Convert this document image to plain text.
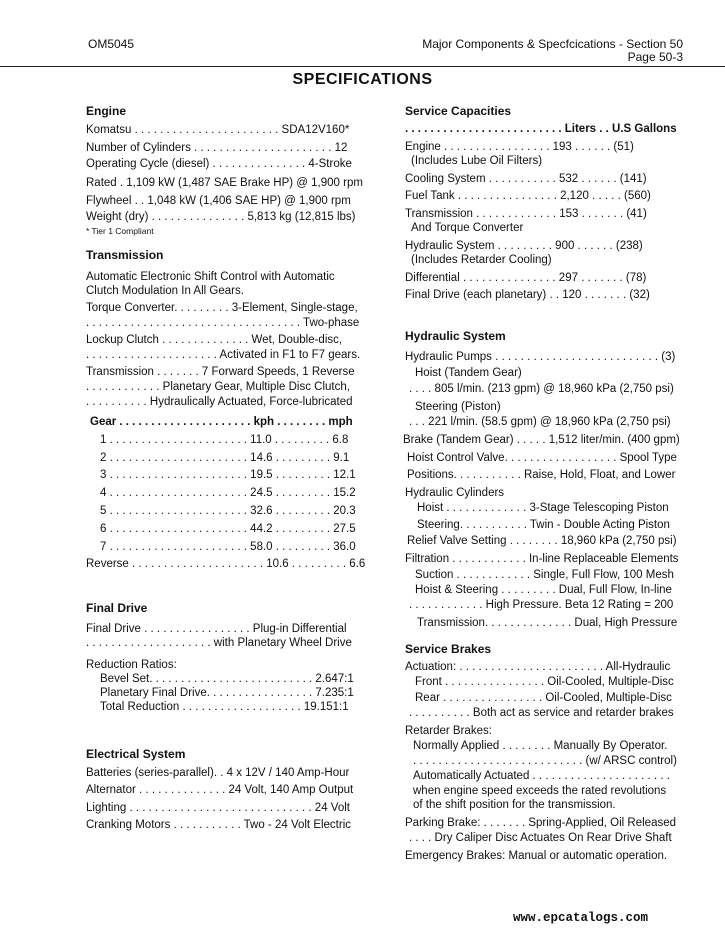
OM5045	Major Components & Specfcications - Section 50
Page 50-3
SPECIFICATIONS
Engine
Komatsu . . . . . . . . . . . . . . . . . . . . . . . SDA12V160*
Number of Cylinders . . . . . . . . . . . . . . . . . . . . . . 12
Operating Cycle (diesel) . . . . . . . . . . . . . . . 4-Stroke
Rated . 1,109 kW (1,487 SAE Brake HP) @ 1,900 rpm
Flywheel . . 1,048 kW (1,406 SAE HP) @ 1,900 rpm
Weight (dry) . . . . . . . . . . . . . . . 5,813 kg (12,815 lbs)
* Tier 1 Compliant
Transmission
Automatic Electronic Shift Control with Automatic
Clutch Modulation In All Gears.
Torque Converter. . . . . . . . . 3-Element, Single-stage,
. . . . . . . . . . . . . . . . . . . . . . . . . . . . . . . . . . Two-phase
Lockup Clutch . . . . . . . . . . . . . . Wet, Double-disc,
. . . . . . . . . . . . . . . . . . . . . Activated in F1 to F7 gears.
Transmission . . . . . . . 7 Forward Speeds, 1 Reverse
. . . . . . . . . . . . Planetary Gear, Multiple Disc Clutch,
. . . . . . . . . . Hydraulically Actuated, Force-lubricated
Gear . . . . . . . . . . . . . . . . . . . . . kph . . . . . . . . mph
1 . . . . . . . . . . . . . . . . . . . . . . 11.0 . . . . . . . . . 6.8
2 . . . . . . . . . . . . . . . . . . . . . . 14.6 . . . . . . . . . 9.1
3 . . . . . . . . . . . . . . . . . . . . . . 19.5 . . . . . . . . . 12.1
4 . . . . . . . . . . . . . . . . . . . . . . 24.5 . . . . . . . . . 15.2
5 . . . . . . . . . . . . . . . . . . . . . . 32.6 . . . . . . . . . 20.3
6 . . . . . . . . . . . . . . . . . . . . . . 44.2 . . . . . . . . . 27.5
7 . . . . . . . . . . . . . . . . . . . . . . 58.0 . . . . . . . . . 36.0
Reverse . . . . . . . . . . . . . . . . . . . . . 10.6 . . . . . . . . . 6.6
Final Drive
Final Drive . . . . . . . . . . . . . . . . . Plug-in Differential
. . . . . . . . . . . . . . . . . . . . with Planetary Wheel Drive
Reduction Ratios:
Bevel Set. . . . . . . . . . . . . . . . . . . . . . . . . . 2.647:1
Planetary Final Drive. . . . . . . . . . . . . . . . . 7.235:1
Total Reduction . . . . . . . . . . . . . . . . . . . 19.151:1
Electrical System
Batteries (series-parallel). . 4 x 12V / 140 Amp-Hour
Alternator . . . . . . . . . . . . . . 24 Volt, 140 Amp Output
Lighting . . . . . . . . . . . . . . . . . . . . . . . . . . . . . 24 Volt
Cranking Motors . . . . . . . . . . . Two - 24 Volt Electric
Service Capacities
. . . . . . . . . . . . . . . . . . . . . . . . . Liters . . U.S Gallons
Engine . . . . . . . . . . . . . . . . . 193 . . . . . . (51)
(Includes Lube Oil Filters)
Cooling System . . . . . . . . . . . 532 . . . . . . (141)
Fuel Tank . . . . . . . . . . . . . . . . 2,120 . . . . . (560)
Transmission . . . . . . . . . . . . . 153 . . . . . . . (41)
And Torque Converter
Hydraulic System . . . . . . . . . 900 . . . . . . (238)
(Includes Retarder Cooling)
Differential . . . . . . . . . . . . . . . 297 . . . . . . . (78)
Final Drive (each planetary) . . 120 . . . . . . . (32)
Hydraulic System
Hydraulic Pumps . . . . . . . . . . . . . . . . . . . . . . . . . . (3)
Hoist (Tandem Gear)
. . . . 805 l/min. (213 gpm) @ 18,960 kPa (2,750 psi)
Steering (Piston)
. . . 221 l/min. (58.5 gpm) @ 18,960 kPa (2,750 psi)
Brake (Tandem Gear) . . . . . 1,512 liter/min. (400 gpm)
Hoist Control Valve. . . . . . . . . . . . . . . . . . Spool Type
Positions. . . . . . . . . . . Raise, Hold, Float, and Lower
Hydraulic Cylinders
Hoist . . . . . . . . . . . . . 3-Stage Telescoping Piston
Steering. . . . . . . . . . . Twin - Double Acting Piston
Relief Valve Setting . . . . . . . . 18,960 kPa (2,750 psi)
Filtration . . . . . . . . . . . . In-line Replaceable Elements
Suction . . . . . . . . . . . . Single, Full Flow, 100 Mesh
Hoist & Steering . . . . . . . . . Dual, Full Flow, In-line
. . . . . . . . . . . . High Pressure. Beta 12 Rating = 200
Transmission. . . . . . . . . . . . . . Dual, High Pressure
Service Brakes
Actuation: . . . . . . . . . . . . . . . . . . . . . . . All-Hydraulic
Front . . . . . . . . . . . . . . . . Oil-Cooled, Multiple-Disc
Rear . . . . . . . . . . . . . . . . Oil-Cooled, Multiple-Disc
. . . . . . . . . . Both act as service and retarder brakes
Retarder Brakes:
Normally Applied . . . . . . . . Manually By Operator.
. . . . . . . . . . . . . . . . . . . . . . . . . . . (w/ ARSC control)
Automatically Actuated . . . . . . . . . . . . . . . . . . . . . .
when engine speed exceeds the rated revolutions
of the shift position for the transmission.
Parking Brake: . . . . . . . Spring-Applied, Oil Released
. . . . Dry Caliper Disc Actuates On Rear Drive Shaft
Emergency Brakes: Manual or automatic operation.
www.epcatalogs.com
